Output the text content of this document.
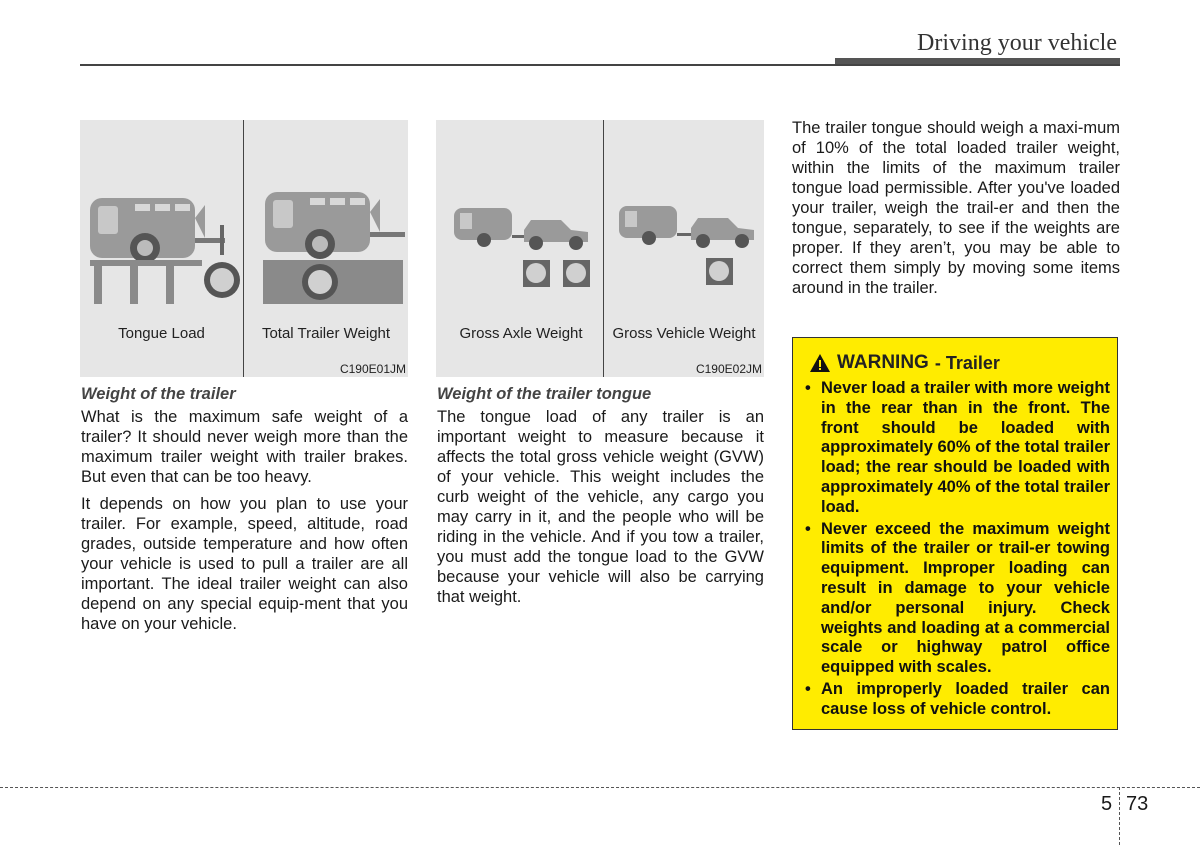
Driving your vehicle
Tongue Load	Total Trailer Weight
C190E01JM
Gross Axle Weight	Gross Vehicle Weight
C190E02JM
Weight of the trailer

What is the maximum safe weight of a trailer? It should never weigh more than the maximum trailer weight with trailer brakes. But even that can be too heavy.

It depends on how you plan to use your trailer. For example, speed, altitude, road grades, outside temperature and how often your vehicle is used to pull a trailer are all important. The ideal trailer weight can also depend on any special equip-ment that you have on your vehicle.

Weight of the trailer tongue

The tongue load of any trailer is an important weight to measure because it affects the total gross vehicle weight (GVW) of your vehicle. This weight includes the curb weight of the vehicle, any cargo you may carry in it, and the people who will be riding in the vehicle. And if you tow a trailer, you must add the tongue load to the GVW because your vehicle will also be carrying that weight.

The trailer tongue should weigh a maxi-mum of 10% of the total loaded trailer weight, within the limits of the maximum trailer tongue load permissible. After you've loaded your trailer, weigh the trail-er and then the tongue, separately, to see if the weights are proper. If they aren’t, you may be able to correct them simply by moving some items around in the trailer.

WARNING - Trailer
• Never load a trailer with more weight in the rear than in the front. The front should be loaded with approximately 60% of the total trailer load; the rear should be loaded with approximately 40% of the total trailer load.
• Never exceed the maximum weight limits of the trailer or trail-er towing equipment. Improper loading can result in damage to your vehicle and/or personal injury. Check weights and loading at a commercial scale or highway patrol office equipped with scales.
• An improperly loaded trailer can cause loss of vehicle control.
5 73
